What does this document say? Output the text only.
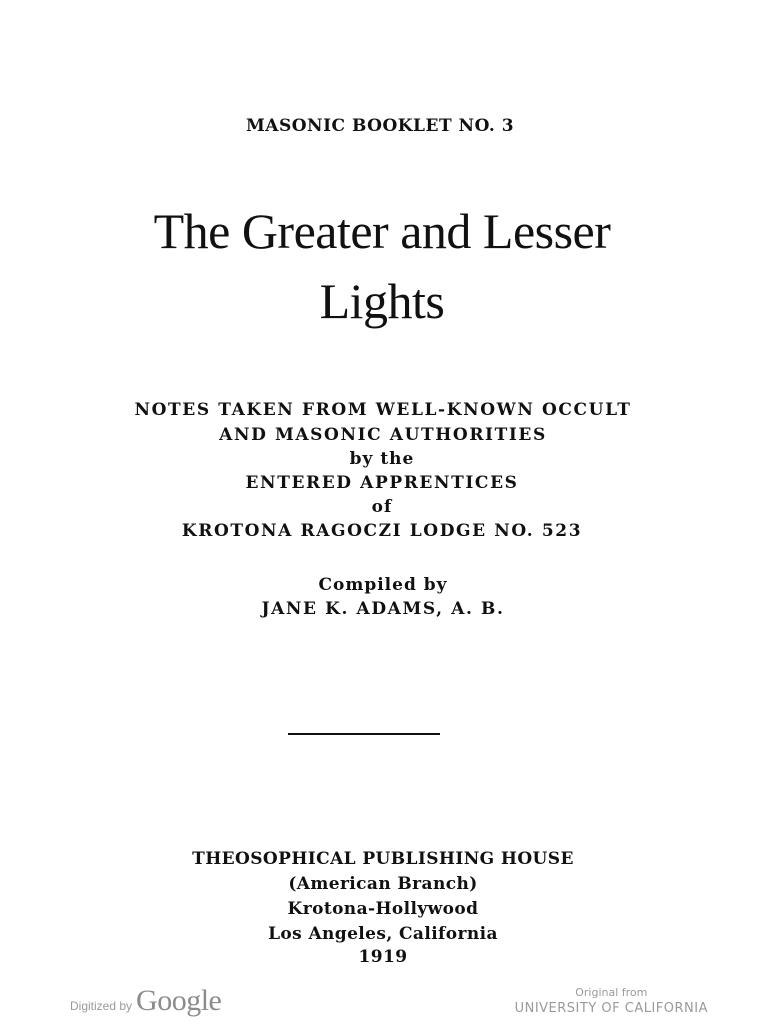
MASONIC BOOKLET NO. 3
The Greater and Lesser
Lights
NOTES TAKEN FROM WELL-KNOWN OCCULT
AND MASONIC AUTHORITIES
by the
ENTERED APPRENTICES
of
KROTONA RAGOCZI LODGE NO. 523
Compiled by
JANE K. ADAMS, A. B.
THEOSOPHICAL PUBLISHING HOUSE
(American Branch)
Krotona-Hollywood
Los Angeles, California
1919
Digitized by Google	Original from
UNIVERSITY OF CALIFORNIA
